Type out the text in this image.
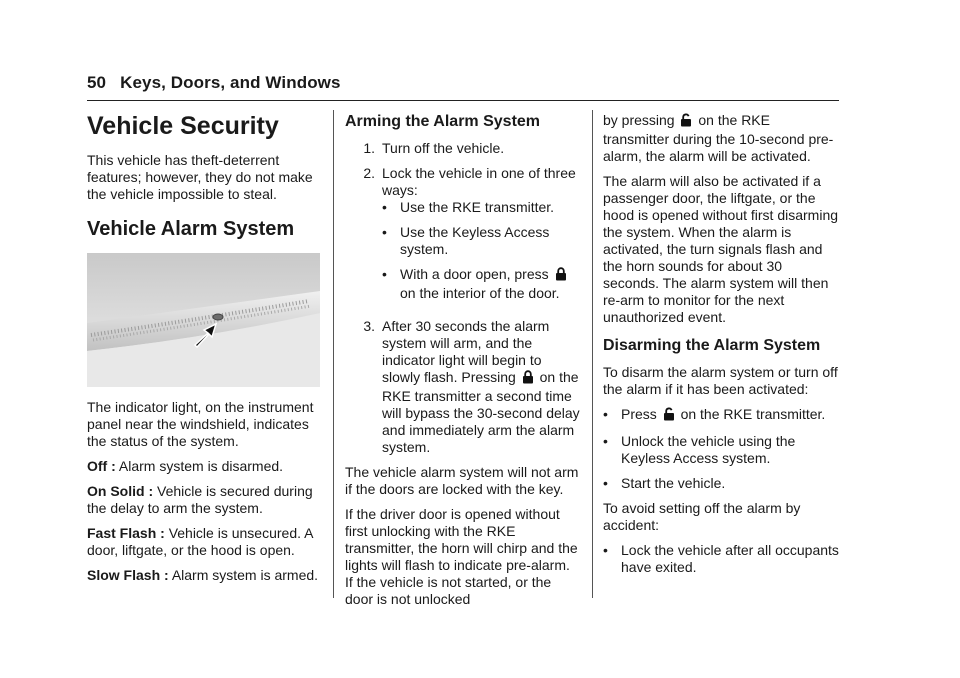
50 Keys, Doors, and Windows
Vehicle Security

This vehicle has theft-deterrent features; however, they do not make the vehicle impossible to steal.

Vehicle Alarm System

The indicator light, on the instrument panel near the windshield, indicates the status of the system.

Off : Alarm system is disarmed.

On Solid : Vehicle is secured during the delay to arm the system.

Fast Flash : Vehicle is unsecured. A door, liftgate, or the hood is open.

Slow Flash : Alarm system is armed.

Arming the Alarm System
1. Turn off the vehicle.
2. Lock the vehicle in one of three ways:
• Use the RKE transmitter.
• Use the Keyless Access system.
• With a door open, press  on the interior of the door.
3. After 30 seconds the alarm system will arm, and the indicator light will begin to slowly flash. Pressing on the RKE transmitter a second time will bypass the 30-second delay and immediately arm the alarm system.

The vehicle alarm system will not arm if the doors are locked with the key.

If the driver door is opened without first unlocking with the RKE transmitter, the horn will chirp and the lights will flash to indicate pre-alarm. If the vehicle is not started, or the door is not unlocked

by pressing on the RKE transmitter during the 10-second pre-alarm, the alarm will be activated.

The alarm will also be activated if a passenger door, the liftgate, or the hood is opened without first disarming the system. When the alarm is activated, the turn signals flash and the horn sounds for about 30 seconds. The alarm system will then re-arm to monitor for the next unauthorized event.

Disarming the Alarm System

To disarm the alarm system or turn off the alarm if it has been activated:

• Press on the RKE transmitter.
• Unlock the vehicle using the Keyless Access system.
• Start the vehicle.

To avoid setting off the alarm by accident:

• Lock the vehicle after all occupants have exited.
